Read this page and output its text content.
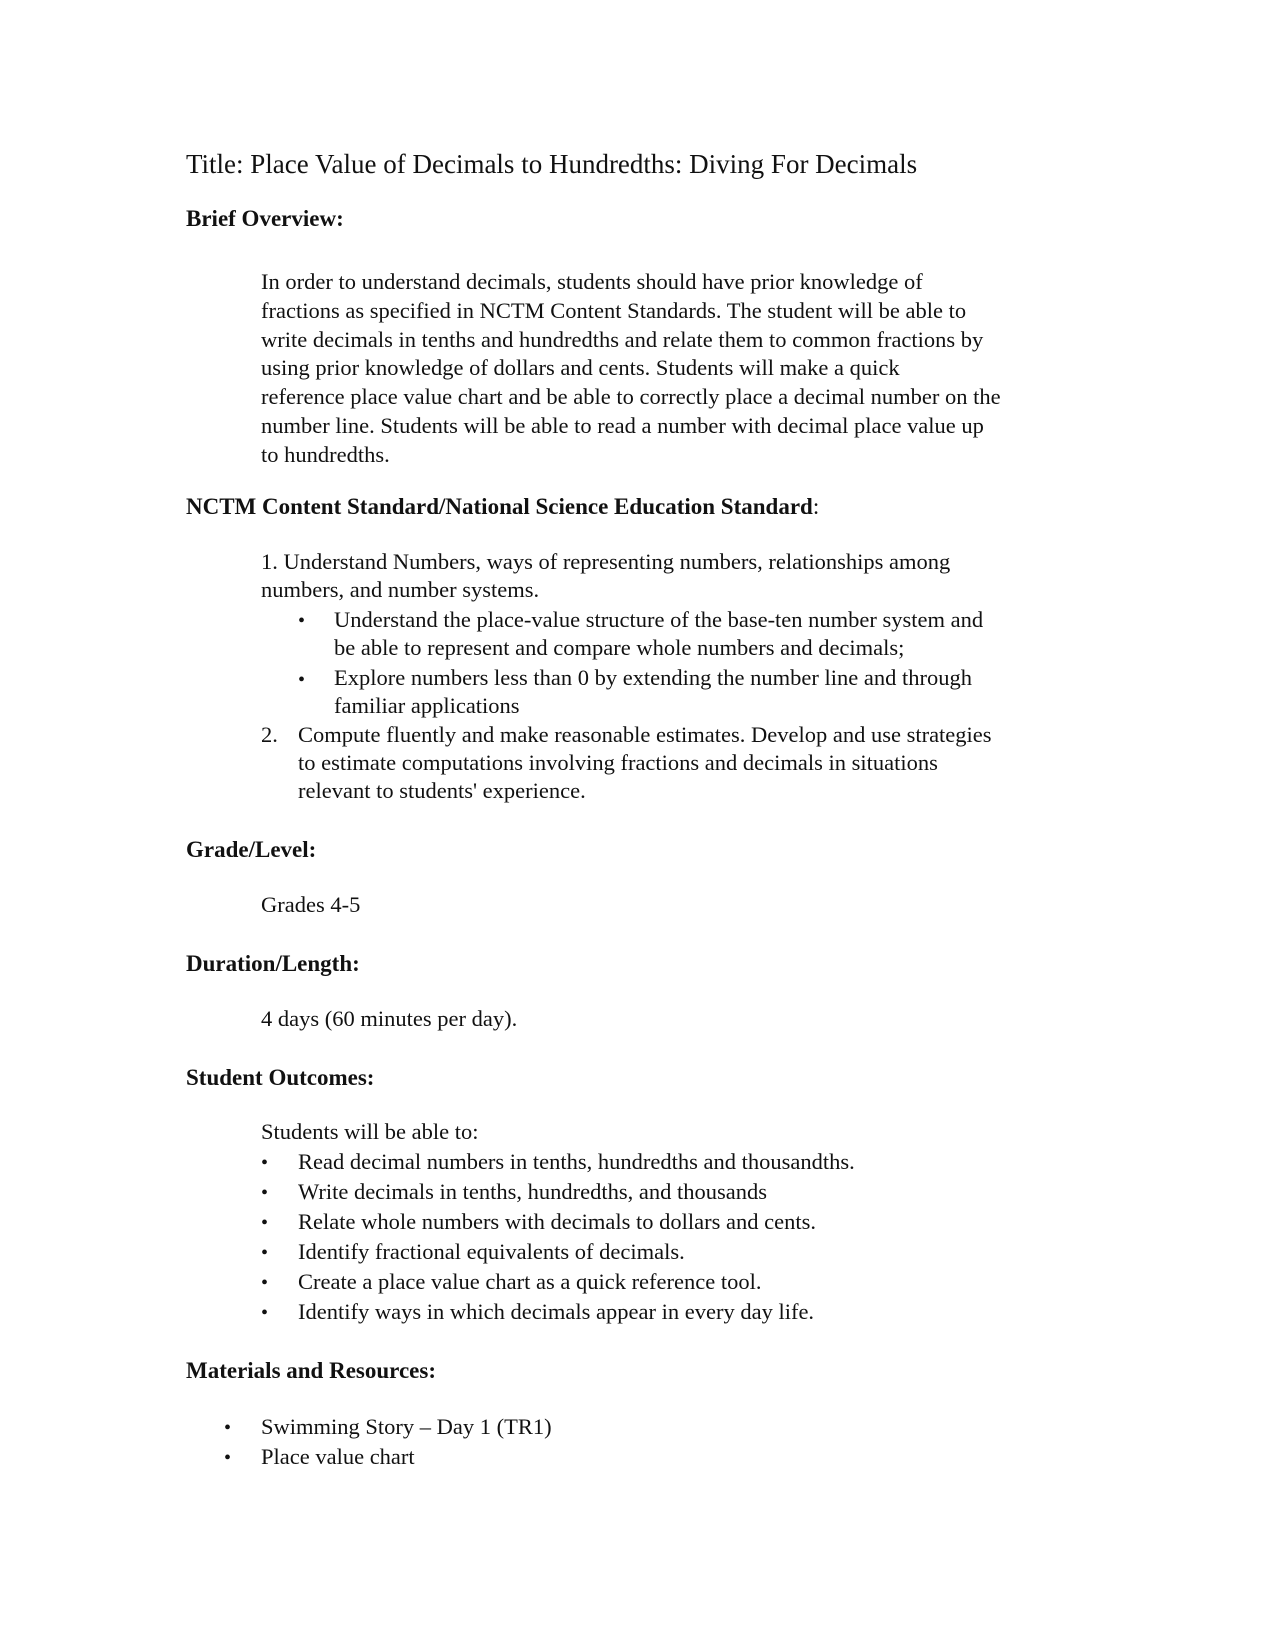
Title: Place Value of Decimals to Hundredths: Diving For Decimals
Brief Overview:
In order to understand decimals, students should have prior knowledge of
fractions as specified in NCTM Content Standards. The student will be able to
write decimals in tenths and hundredths and relate them to common fractions by
using prior knowledge of dollars and cents. Students will make a quick
reference place value chart and be able to correctly place a decimal number on the
number line. Students will be able to read a number with decimal place value up
to hundredths.
NCTM Content Standard/National Science Education Standard:
1. Understand Numbers, ways of representing numbers, relationships among
numbers, and number systems.
• Understand the place-value structure of the base-ten number system and
be able to represent and compare whole numbers and decimals;
• Explore numbers less than 0 by extending the number line and through
familiar applications
2. Compute fluently and make reasonable estimates. Develop and use strategies
to estimate computations involving fractions and decimals in situations
relevant to students' experience.
Grade/Level:
Grades 4-5
Duration/Length:
4 days (60 minutes per day).
Student Outcomes:
Students will be able to:
• Read decimal numbers in tenths, hundredths and thousandths.
• Write decimals in tenths, hundredths, and thousands
• Relate whole numbers with decimals to dollars and cents.
• Identify fractional equivalents of decimals.
• Create a place value chart as a quick reference tool.
• Identify ways in which decimals appear in every day life.
Materials and Resources:
• Swimming Story – Day 1 (TR1)
• Place value chart
